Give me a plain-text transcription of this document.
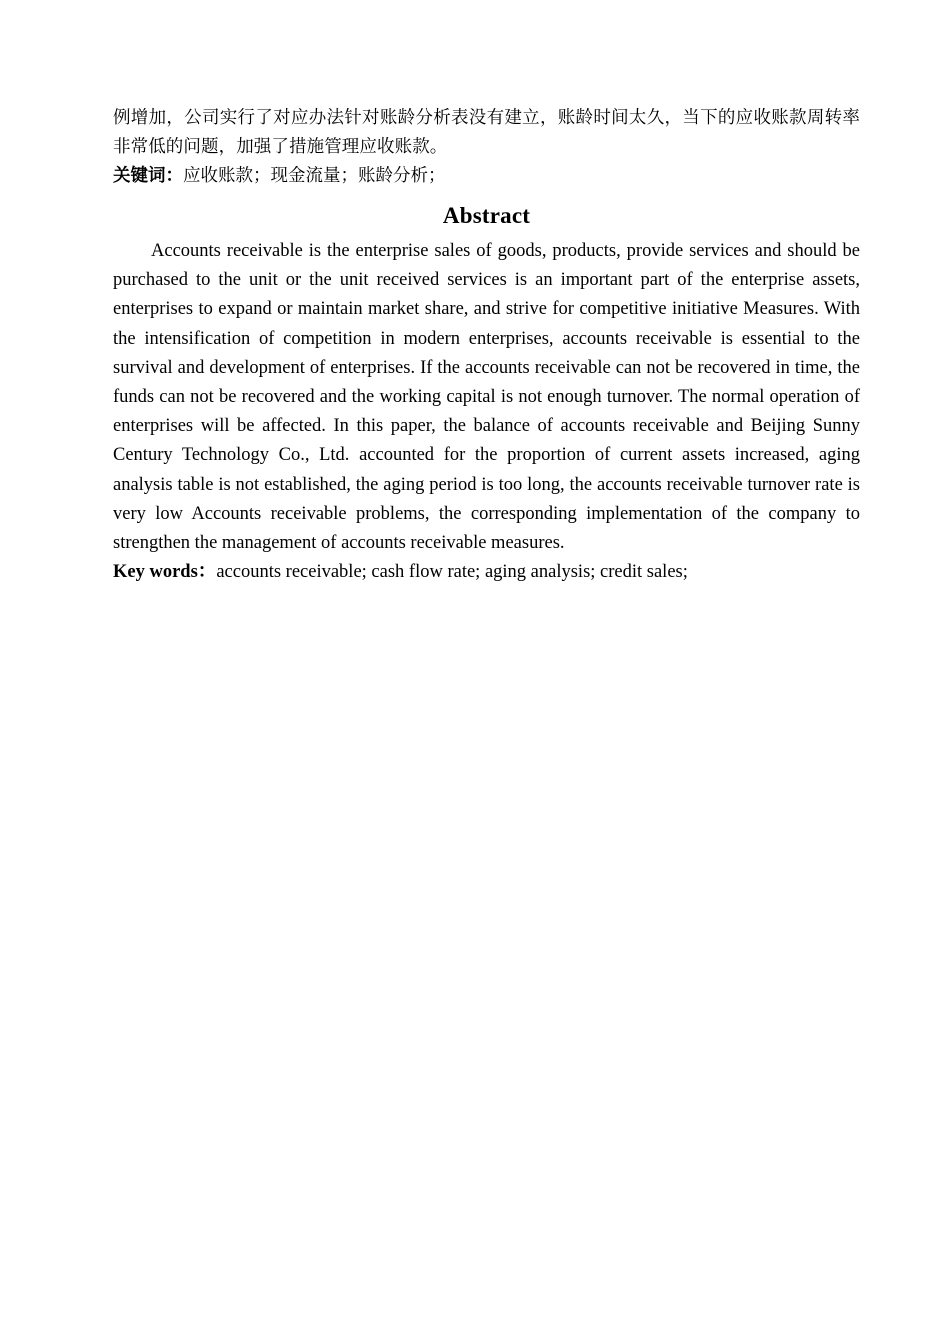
例增加，公司实行了对应办法针对账龄分析表没有建立，账龄时间太久，当下的应收账款周转率非常低的问题，加强了措施管理应收账款。

关键词：应收账款；现金流量；账龄分析；

Abstract

Accounts receivable is the enterprise sales of goods, products, provide services and should be purchased to the unit or the unit received services is an important part of the enterprise assets, enterprises to expand or maintain market share, and strive for competitive initiative Measures. With the intensification of competition in modern enterprises, accounts receivable is essential to the survival and development of enterprises. If the accounts receivable can not be recovered in time, the funds can not be recovered and the working capital is not enough turnover. The normal operation of enterprises will be affected. In this paper, the balance of accounts receivable and Beijing Sunny Century Technology Co., Ltd. accounted for the proportion of current assets increased, aging analysis table is not established, the aging period is too long, the accounts receivable turnover rate is very low Accounts receivable problems, the corresponding implementation of the company to strengthen the management of accounts receivable measures.

Key words：accounts receivable; cash flow rate; aging analysis; credit sales;
